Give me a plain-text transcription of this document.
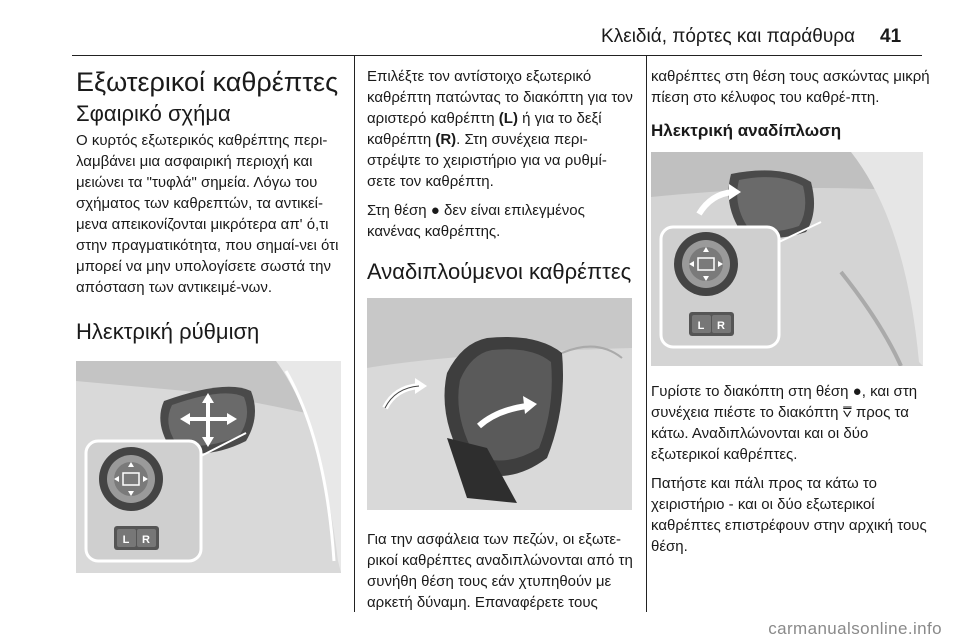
Κλειδιά, πόρτες και παράθυρα 41
Εξωτερικοί καθρέπτες
Σφαιρικό σχήμα

Ο κυρτός εξωτερικός καθρέπτης περι-λαμβάνει μια ασφαιρική περιοχή και μειώνει τα "τυφλά" σημεία. Λόγω του σχήματος των καθρεπτών, τα αντικεί-μενα απεικονίζονται μικρότερα απ' ό,τι στην πραγματικότητα, που σημαί-νει ότι μπορεί να μην υπολογίσετε σωστά την απόσταση των αντικειμέ-νων.

Ηλεκτρική ρύθμιση
L R

Επιλέξτε τον αντίστοιχο εξωτερικό καθρέπτη πατώντας το διακόπτη για τον αριστερό καθρέπτη (L) ή για το δεξί καθρέπτη (R). Στη συνέχεια περι-στρέψτε το χειριστήριο για να ρυθμί-σετε τον καθρέπτη.

Στη θέση ● δεν είναι επιλεγμένος κανένας καθρέπτης.

Αναδιπλούμενοι καθρέπτες

Για την ασφάλεια των πεζών, οι εξωτε-ρικοί καθρέπτες αναδιπλώνονται από τη συνήθη θέση τους εάν χτυπηθούν με αρκετή δύναμη. Επαναφέρετε τους

καθρέπτες στη θέση τους ασκώντας μικρή πίεση στο κέλυφος του καθρέ-πτη.

Ηλεκτρική αναδίπλωση
L R

Γυρίστε το διακόπτη στη θέση ●, και στη συνέχεια πιέστε το διακόπτη ⩢ προς τα κάτω. Αναδιπλώνονται και οι δύο εξωτερικοί καθρέπτες.

Πατήστε και πάλι προς τα κάτω το χειριστήριο - και οι δύο εξωτερικοί καθρέπτες επιστρέφουν στην αρχική τους θέση.

carmanualsonline.info
